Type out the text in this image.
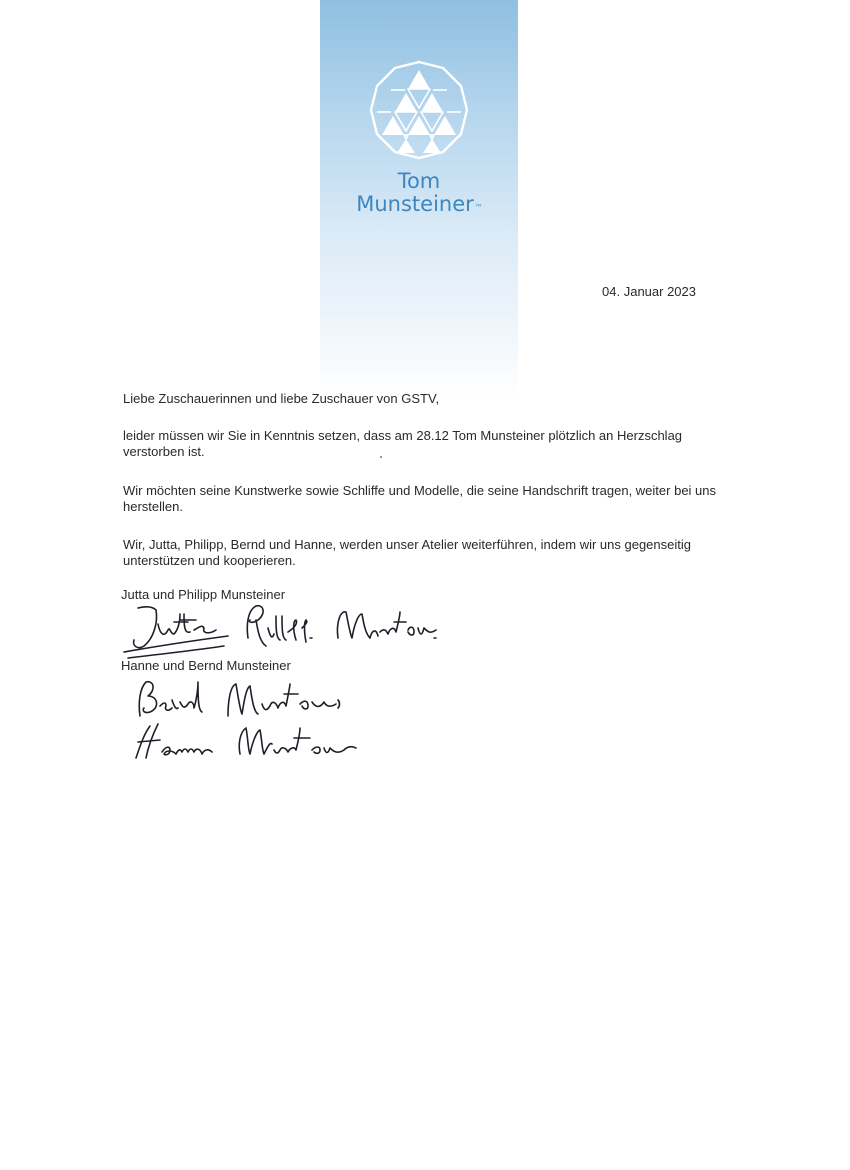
Tom
Munsteiner™
04. Januar 2023

Liebe Zuschauerinnen und liebe Zuschauer von GSTV,

leider müssen wir Sie in Kenntnis setzen, dass am 28.12 Tom Munsteiner plötzlich an Herzschlag verstorben ist.

Wir möchten seine Kunstwerke sowie Schliffe und Modelle, die seine Handschrift tragen, weiter bei uns herstellen.

Wir, Jutta, Philipp, Bernd und Hanne, werden unser Atelier weiterführen, indem wir uns gegenseitig unterstützen und kooperieren.

Jutta und Philipp Munsteiner
Hanne und Bernd Munsteiner
